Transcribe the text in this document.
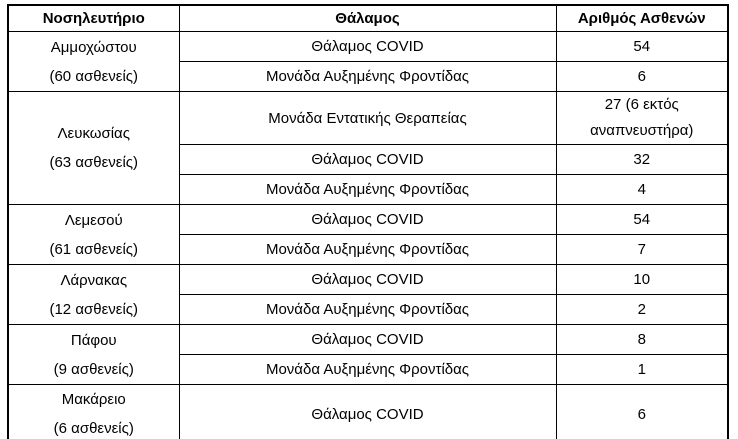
Νοσηλευτήριο	Θάλαμος	Αριθμός Ασθενών

Αμμοχώστου
(60 ασθενείς)	Θάλαμος COVID	54
	Μονάδα Αυξημένης Φροντίδας	6

Λευκωσίας
(63 ασθενείς)	Μονάδα Εντατικής Θεραπείας	27 (6 εκτός αναπνευστήρα)
	Θάλαμος COVID	32
	Μονάδα Αυξημένης Φροντίδας	4

Λεμεσού
(61 ασθενείς)	Θάλαμος COVID	54
	Μονάδα Αυξημένης Φροντίδας	7

Λάρνακας
(12 ασθενείς)	Θάλαμος COVID	10
	Μονάδα Αυξημένης Φροντίδας	2

Πάφου
(9 ασθενείς)	Θάλαμος COVID	8
	Μονάδα Αυξημένης Φροντίδας	1

Μακάρειο
(6 ασθενείς)	Θάλαμος COVID	6
